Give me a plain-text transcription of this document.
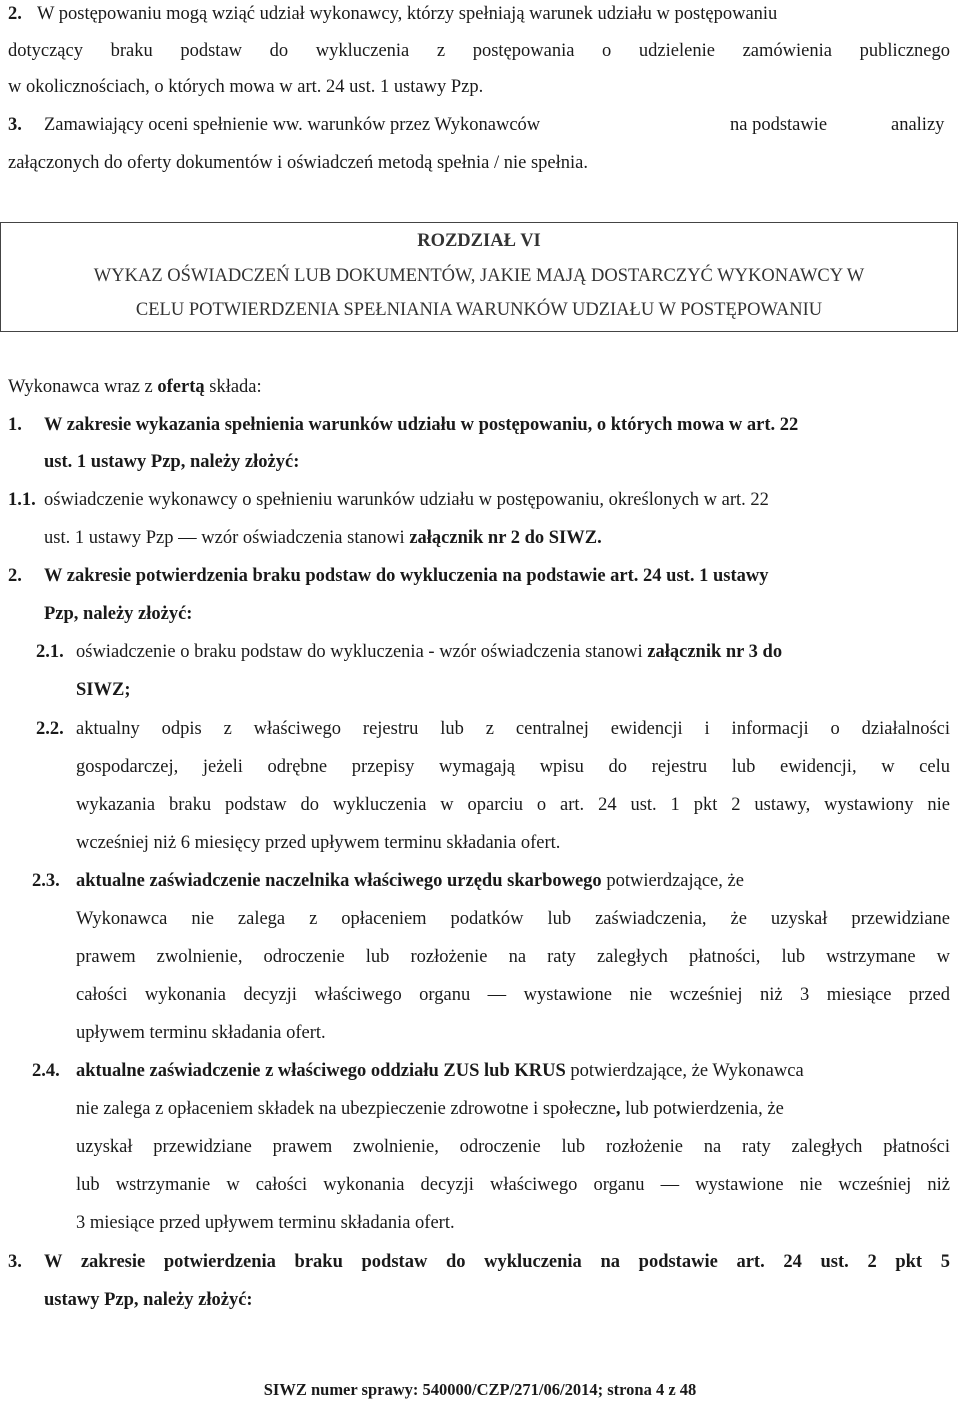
2. W postępowaniu mogą wziąć udział wykonawcy, którzy spełniają warunek udziału w postępowaniu
dotyczący braku podstaw do wykluczenia z postępowania o udzielenie zamówienia publicznego
w okolicznościach, o których mowa w art. 24 ust. 1 ustawy Pzp.
3. Zamawiający oceni spełnienie ww. warunków przez Wykonawców	na podstawie	analizy
załączonych do oferty dokumentów i oświadczeń metodą spełnia / nie spełnia.
ROZDZIAŁ VI
WYKAZ OŚWIADCZEŃ LUB DOKUMENTÓW, JAKIE MAJĄ DOSTARCZYĆ WYKONAWCY W
CELU POTWIERDZENIA SPEŁNIANIA WARUNKÓW UDZIAŁU W POSTĘPOWANIU
Wykonawca wraz z ofertą składa:
1. W zakresie wykazania spełnienia warunków udziału w postępowaniu, o których mowa w art. 22
ust. 1 ustawy Pzp, należy złożyć:
1.1. oświadczenie wykonawcy o spełnieniu warunków udziału w postępowaniu, określonych w art. 22
ust. 1 ustawy Pzp — wzór oświadczenia stanowi załącznik nr 2 do SIWZ.
2. W zakresie potwierdzenia braku podstaw do wykluczenia na podstawie art. 24 ust. 1 ustawy
Pzp, należy złożyć:
2.1. oświadczenie o braku podstaw do wykluczenia - wzór oświadczenia stanowi załącznik nr 3 do
SIWZ;
2.2. aktualny odpis z właściwego rejestru lub z centralnej ewidencji i informacji o działalności
gospodarczej, jeżeli odrębne przepisy wymagają wpisu do rejestru lub ewidencji, w celu
wykazania braku podstaw do wykluczenia w oparciu o art. 24 ust. 1 pkt 2 ustawy, wystawiony nie
wcześniej niż 6 miesięcy przed upływem terminu składania ofert.
2.3. aktualne zaświadczenie naczelnika właściwego urzędu skarbowego potwierdzające, że
Wykonawca nie zalega z opłaceniem podatków lub zaświadczenia, że uzyskał przewidziane
prawem zwolnienie, odroczenie lub rozłożenie na raty zaległych płatności, lub wstrzymane w
całości wykonania decyzji właściwego organu — wystawione nie wcześniej niż 3 miesiące przed
upływem terminu składania ofert.
2.4. aktualne zaświadczenie z właściwego oddziału ZUS lub KRUS potwierdzające, że Wykonawca
nie zalega z opłaceniem składek na ubezpieczenie zdrowotne i społeczne, lub potwierdzenia, że
uzyskał przewidziane prawem zwolnienie, odroczenie lub rozłożenie na raty zaległych płatności
lub wstrzymanie w całości wykonania decyzji właściwego organu — wystawione nie wcześniej niż
3 miesiące przed upływem terminu składania ofert.
3. W zakresie potwierdzenia braku podstaw do wykluczenia na podstawie art. 24 ust. 2 pkt 5
ustawy Pzp, należy złożyć:
SIWZ numer sprawy: 540000/CZP/271/06/2014; strona 4 z 48
